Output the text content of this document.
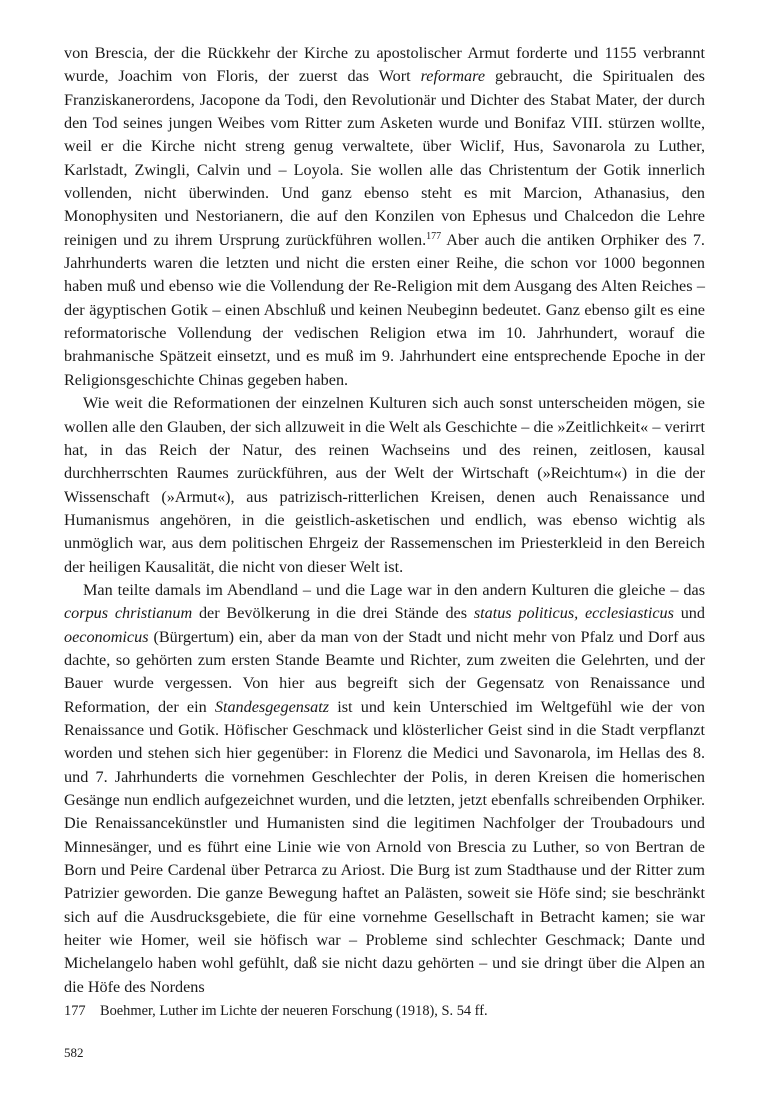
von Brescia, der die Rückkehr der Kirche zu apostolischer Armut forderte und 1155 verbrannt wurde, Joachim von Floris, der zuerst das Wort reformare gebraucht, die Spiritualen des Franziskanerordens, Jacopone da Todi, den Revolutionär und Dichter des Stabat Mater, der durch den Tod seines jungen Weibes vom Ritter zum Asketen wurde und Bonifaz VIII. stürzen wollte, weil er die Kirche nicht streng genug verwaltete, über Wiclif, Hus, Savonarola zu Luther, Karlstadt, Zwingli, Calvin und – Loyola. Sie wollen alle das Christentum der Gotik innerlich vollenden, nicht überwinden. Und ganz ebenso steht es mit Marcion, Athanasius, den Monophysiten und Nestorianern, die auf den Konzilen von Ephesus und Chalcedon die Lehre reinigen und zu ihrem Ursprung zurückführen wollen.$^{177}$ Aber auch die antiken Orphiker des 7. Jahrhunderts waren die letzten und nicht die ersten einer Reihe, die schon vor 1000 begonnen haben muß und ebenso wie die Vollendung der Re-Religion mit dem Ausgang des Alten Reiches – der ägyptischen Gotik – einen Abschluß und keinen Neubeginn bedeutet. Ganz ebenso gilt es eine reformatorische Vollendung der vedischen Religion etwa im 10. Jahrhundert, worauf die brahmanische Spätzeit einsetzt, und es muß im 9. Jahrhundert eine entsprechende Epoche in der Religionsgeschichte Chinas gegeben haben.

Wie weit die Reformationen der einzelnen Kulturen sich auch sonst unterscheiden mögen, sie wollen alle den Glauben, der sich allzuweit in die Welt als Geschichte – die »Zeitlichkeit« – verirrt hat, in das Reich der Natur, des reinen Wachseins und des reinen, zeitlosen, kausal durchherrschten Raumes zurückführen, aus der Welt der Wirtschaft (»Reichtum«) in die der Wissenschaft (»Armut«), aus patrizisch-ritterlichen Kreisen, denen auch Renaissance und Humanismus angehören, in die geistlich-asketischen und endlich, was ebenso wichtig als unmöglich war, aus dem politischen Ehrgeiz der Rassemenschen im Priesterkleid in den Bereich der heiligen Kausalität, die nicht von dieser Welt ist.

Man teilte damals im Abendland – und die Lage war in den andern Kulturen die gleiche – das corpus christianum der Bevölkerung in die drei Stände des status politicus, ecclesiasticus und oeconomicus (Bürgertum) ein, aber da man von der Stadt und nicht mehr von Pfalz und Dorf aus dachte, so gehörten zum ersten Stande Beamte und Richter, zum zweiten die Gelehrten, und der Bauer wurde vergessen. Von hier aus begreift sich der Gegensatz von Renaissance und Reformation, der ein Standesgegensatz ist und kein Unterschied im Weltgefühl wie der von Renaissance und Gotik. Höfischer Geschmack und klösterlicher Geist sind in die Stadt verpflanzt worden und stehen sich hier gegenüber: in Florenz die Medici und Savonarola, im Hellas des 8. und 7. Jahrhunderts die vornehmen Geschlechter der Polis, in deren Kreisen die homerischen Gesänge nun endlich aufgezeichnet wurden, und die letzten, jetzt ebenfalls schreibenden Orphiker. Die Renaissancekünstler und Humanisten sind die legitimen Nachfolger der Troubadours und Minnesänger, und es führt eine Linie wie von Arnold von Brescia zu Luther, so von Bertran de Born und Peire Cardenal über Petrarca zu Ariost. Die Burg ist zum Stadthause und der Ritter zum Patrizier geworden. Die ganze Bewegung haftet an Palästen, soweit sie Höfe sind; sie beschränkt sich auf die Ausdrucksgebiete, die für eine vornehme Gesellschaft in Betracht kamen; sie war heiter wie Homer, weil sie höfisch war – Probleme sind schlechter Geschmack; Dante und Michelangelo haben wohl gefühlt, daß sie nicht dazu gehörten – und sie dringt über die Alpen an die Höfe des Nordens

177 Boehmer, Luther im Lichte der neueren Forschung (1918), S. 54 ff.
582
